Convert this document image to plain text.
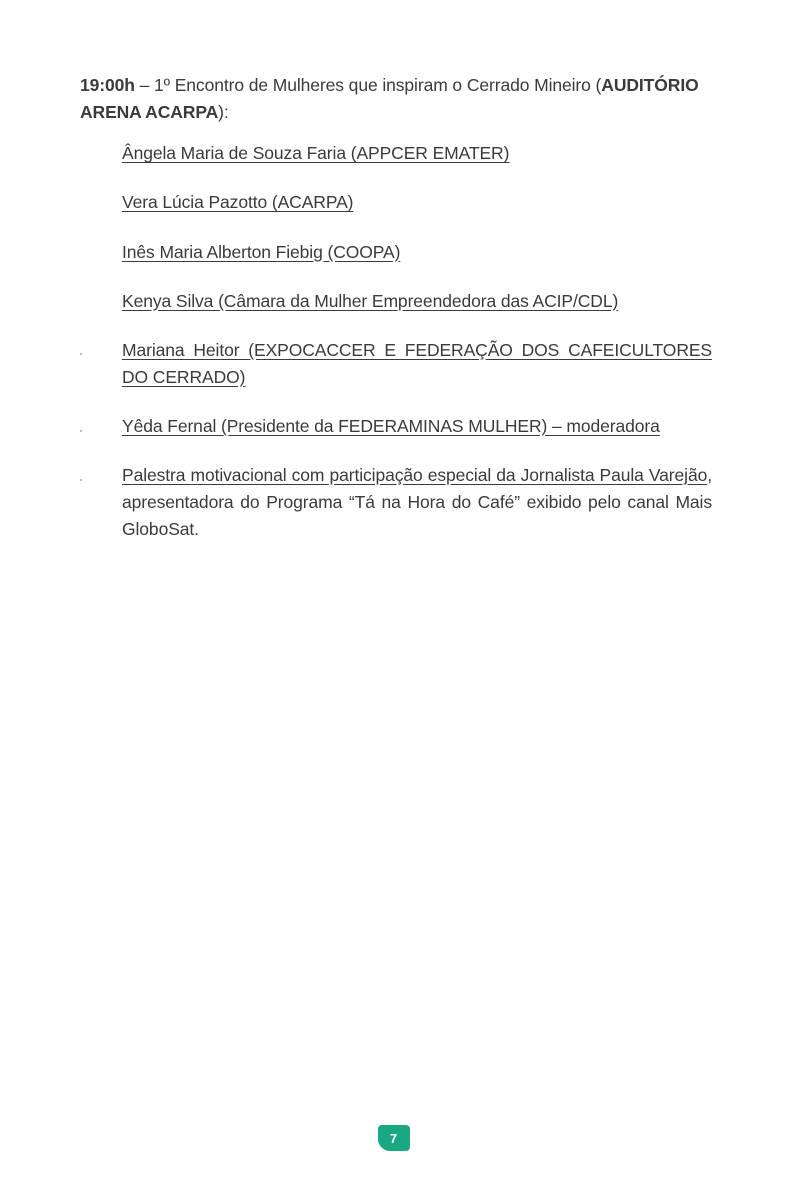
19:00h – 1º Encontro de Mulheres que inspiram o Cerrado Mineiro (AUDITÓRIO ARENA ACARPA):

Ângela Maria de Souza Faria (APPCER EMATER)
Vera Lúcia Pazotto (ACARPA)
Inês Maria Alberton Fiebig (COOPA)
Kenya Silva (Câmara da Mulher Empreendedora das ACIP/CDL)
Mariana Heitor (EXPOCACCER E FEDERAÇÃO DOS CAFEICULTORES DO CERRADO)
Yêda Fernal (Presidente da FEDERAMINAS MULHER) – moderadora
Palestra motivacional com participação especial da Jornalista Paula Varejão, apresentadora do Programa “Tá na Hora do Café” exibido pelo canal Mais GloboSat.
7
